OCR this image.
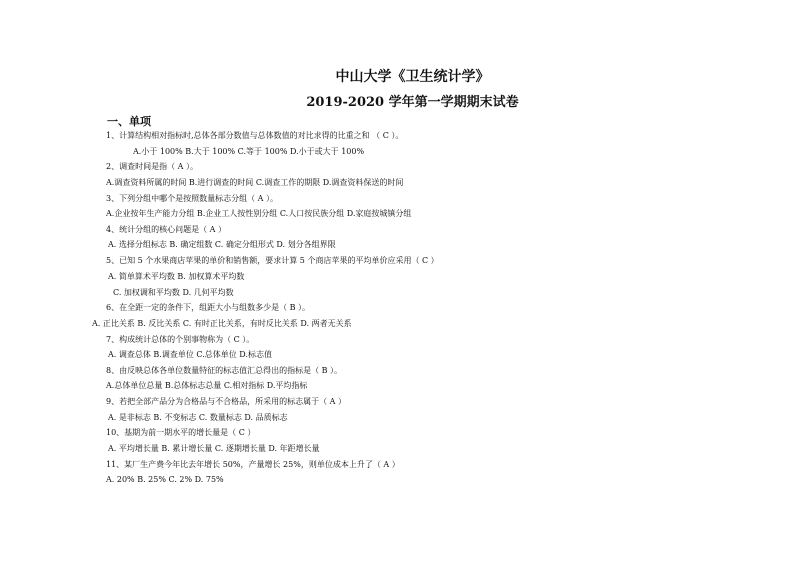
中山大学《卫生统计学》
2019-2020 学年第一学期期末试卷
一、单项
1、计算结构相对指标时,总体各部分数值与总体数值的对比求得的比重之和 （ C ）。
A.小于 100% B.大于 100% C.等于 100% D.小于或大于 100%
2、调查时间是指（ A ）。
A.调查资料所属的时间 B.进行调查的时间 C.调查工作的期限 D.调查资料保送的时间
3、下列分组中哪个是按照数量标志分组（ A ）。
A.企业按年生产能力分组 B.企业工人按性别分组 C.人口按民族分组 D.家庭按城镇分组
4、统计分组的核心问题是（ A ）
A. 选择分组标志 B. 确定组数 C. 确定分组形式 D. 划分各组界限
5、已知 5 个水果商店苹果的单价和销售额，要求计算 5 个商店苹果的平均单价应采用（ C ）
A. 简单算术平均数 B. 加权算术平均数
C. 加权调和平均数 D. 几何平均数
6、在全距一定的条件下，组距大小与组数多少是（ B ）。
A. 正比关系 B. 反比关系 C. 有时正比关系，有时反比关系 D. 两者无关系
7、构成统计总体的个别事物称为（ C ）。
A. 调查总体 B.调查单位 C.总体单位 D.标志值
8、由反映总体各单位数量特征的标志值汇总得出的指标是（ B ）。
A.总体单位总量 B.总体标志总量 C.相对指标 D.平均指标
9、若把全部产品分为合格品与不合格品，所采用的标志属于（ A ）
A. 是非标志 B. 不变标志 C. 数量标志 D. 品质标志
10、基期为前一期水平的增长量是（ C ）
A. 平均增长量 B. 累计增长量 C. 逐期增长量 D. 年距增长量
11、某厂生产费今年比去年增长 50%，产量增长 25%，则单位成本上升了（ A ）
A. 20% B. 25% C. 2% D. 75%
